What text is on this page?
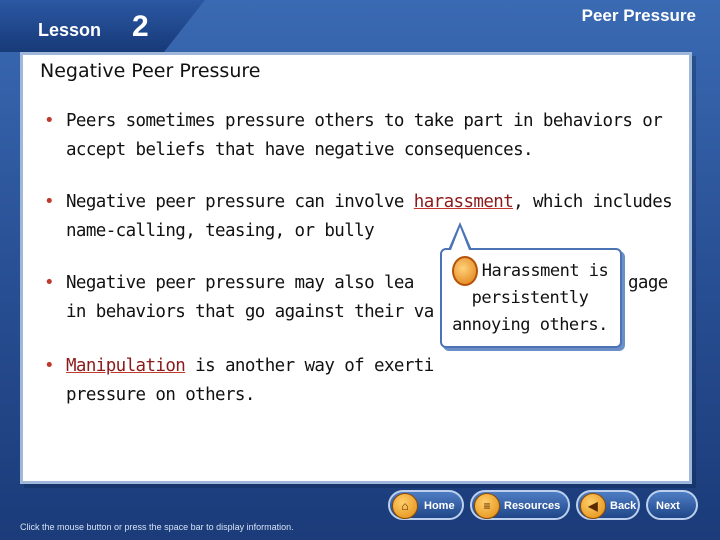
Lesson 2	Peer Pressure
Negative Peer Pressure
• Peers sometimes pressure others to take part in behaviors or accept beliefs that have negative consequences.
• Negative peer pressure can involve harassment, which includes name-calling, teasing, or bully
• Negative peer pressure may also lea
in behaviors that go against their va
gage
• Manipulation is another way of exerti
pressure on others.
Harassment is persistently annoying others.
Click the mouse button or press the space bar to display information.
⌂	Home	≡	Resources	◀	Back Next
